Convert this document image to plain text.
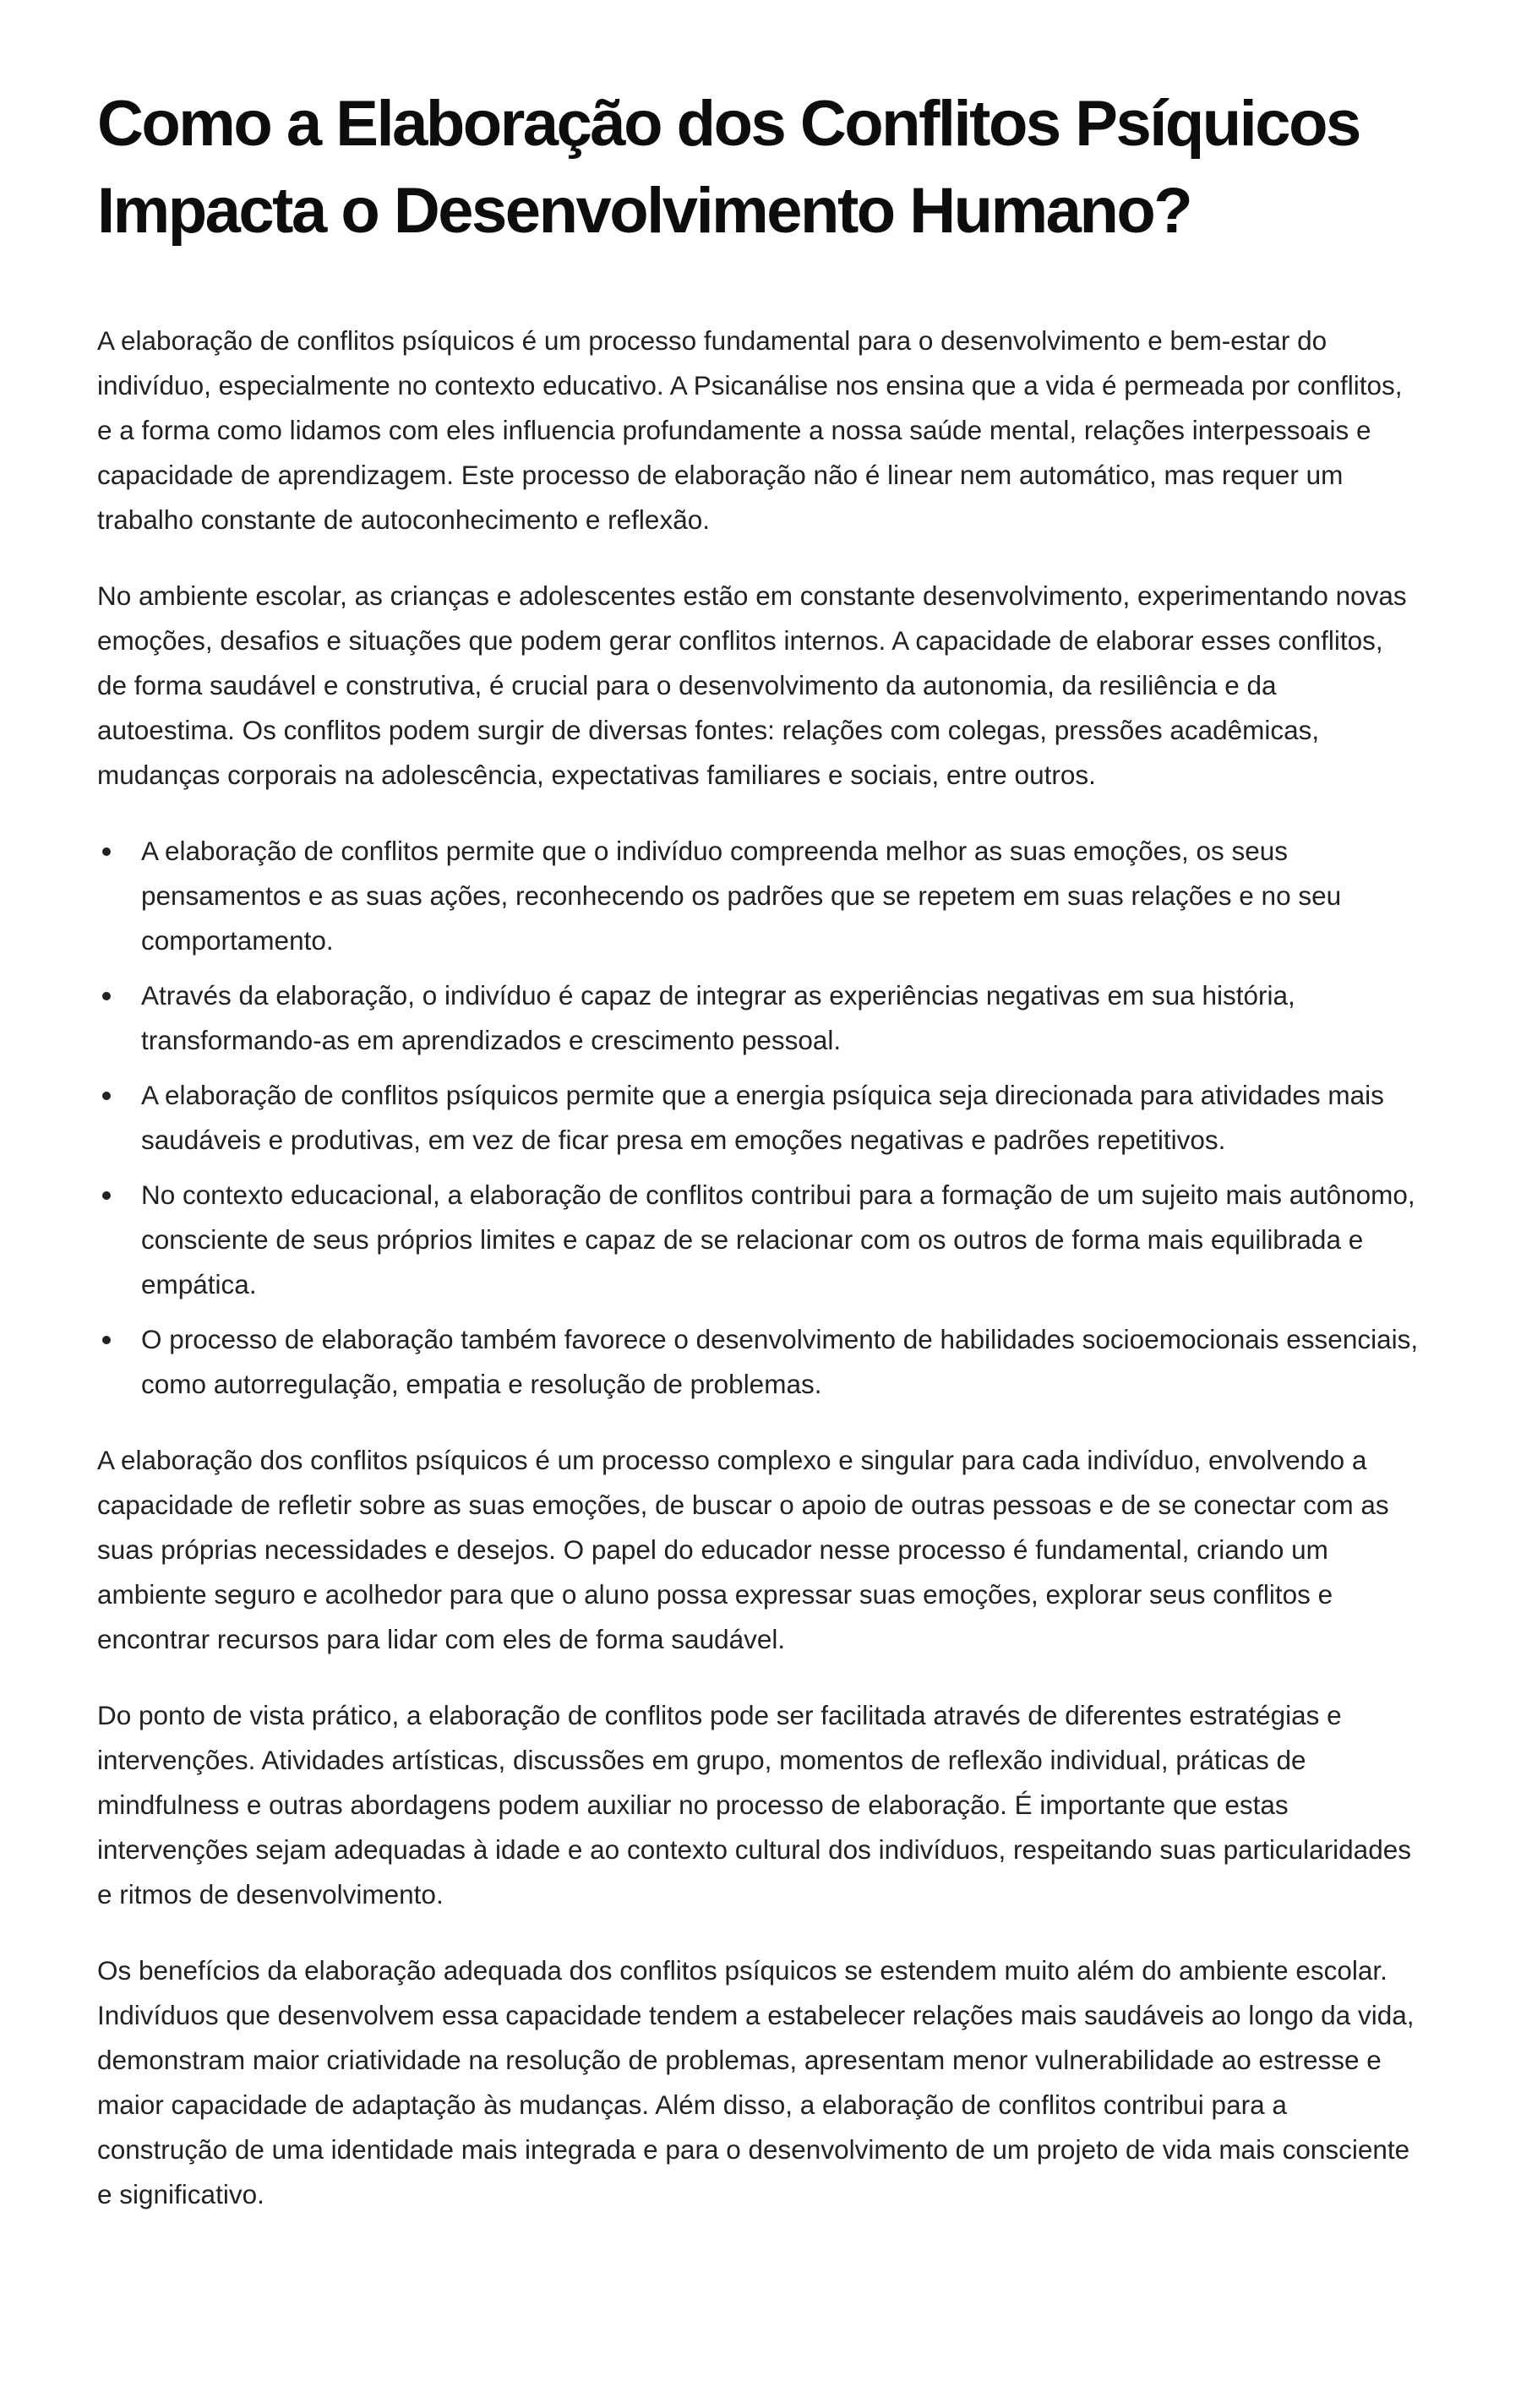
Como a Elaboração dos Conflitos Psíquicos Impacta o Desenvolvimento Humano?

A elaboração de conflitos psíquicos é um processo fundamental para o desenvolvimento e bem-estar do indivíduo, especialmente no contexto educativo. A Psicanálise nos ensina que a vida é permeada por conflitos, e a forma como lidamos com eles influencia profundamente a nossa saúde mental, relações interpessoais e capacidade de aprendizagem. Este processo de elaboração não é linear nem automático, mas requer um trabalho constante de autoconhecimento e reflexão.

No ambiente escolar, as crianças e adolescentes estão em constante desenvolvimento, experimentando novas emoções, desafios e situações que podem gerar conflitos internos. A capacidade de elaborar esses conflitos, de forma saudável e construtiva, é crucial para o desenvolvimento da autonomia, da resiliência e da autoestima. Os conflitos podem surgir de diversas fontes: relações com colegas, pressões acadêmicas, mudanças corporais na adolescência, expectativas familiares e sociais, entre outros.

A elaboração de conflitos permite que o indivíduo compreenda melhor as suas emoções, os seus pensamentos e as suas ações, reconhecendo os padrões que se repetem em suas relações e no seu comportamento.
Através da elaboração, o indivíduo é capaz de integrar as experiências negativas em sua história, transformando-as em aprendizados e crescimento pessoal.
A elaboração de conflitos psíquicos permite que a energia psíquica seja direcionada para atividades mais saudáveis e produtivas, em vez de ficar presa em emoções negativas e padrões repetitivos.
No contexto educacional, a elaboração de conflitos contribui para a formação de um sujeito mais autônomo, consciente de seus próprios limites e capaz de se relacionar com os outros de forma mais equilibrada e empática.
O processo de elaboração também favorece o desenvolvimento de habilidades socioemocionais essenciais, como autorregulação, empatia e resolução de problemas.

A elaboração dos conflitos psíquicos é um processo complexo e singular para cada indivíduo, envolvendo a capacidade de refletir sobre as suas emoções, de buscar o apoio de outras pessoas e de se conectar com as suas próprias necessidades e desejos. O papel do educador nesse processo é fundamental, criando um ambiente seguro e acolhedor para que o aluno possa expressar suas emoções, explorar seus conflitos e encontrar recursos para lidar com eles de forma saudável.

Do ponto de vista prático, a elaboração de conflitos pode ser facilitada através de diferentes estratégias e intervenções. Atividades artísticas, discussões em grupo, momentos de reflexão individual, práticas de mindfulness e outras abordagens podem auxiliar no processo de elaboração. É importante que estas intervenções sejam adequadas à idade e ao contexto cultural dos indivíduos, respeitando suas particularidades e ritmos de desenvolvimento.

Os benefícios da elaboração adequada dos conflitos psíquicos se estendem muito além do ambiente escolar. Indivíduos que desenvolvem essa capacidade tendem a estabelecer relações mais saudáveis ao longo da vida, demonstram maior criatividade na resolução de problemas, apresentam menor vulnerabilidade ao estresse e maior capacidade de adaptação às mudanças. Além disso, a elaboração de conflitos contribui para a construção de uma identidade mais integrada e para o desenvolvimento de um projeto de vida mais consciente e significativo.
